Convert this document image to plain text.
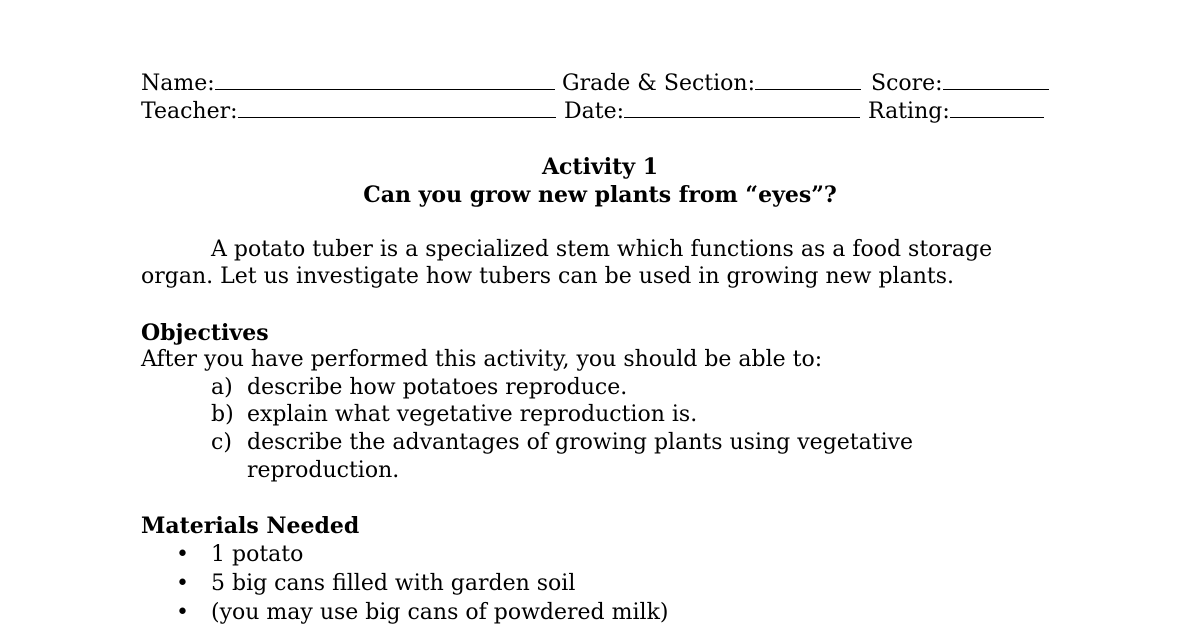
Name:	Grade & Section:	Score:
Teacher:	Date:	Rating:
Activity 1
Can you grow new plants from “eyes”?
A potato tuber is a specialized stem which functions as a food storage
organ. Let us investigate how tubers can be used in growing new plants.
Objectives
After you have performed this activity, you should be able to:
a) describe how potatoes reproduce.
b) explain what vegetative reproduction is.
c) describe the advantages of growing plants using vegetative
reproduction.
Materials Needed
• 1 potato
• 5 big cans filled with garden soil
• (you may use big cans of powdered milk)
